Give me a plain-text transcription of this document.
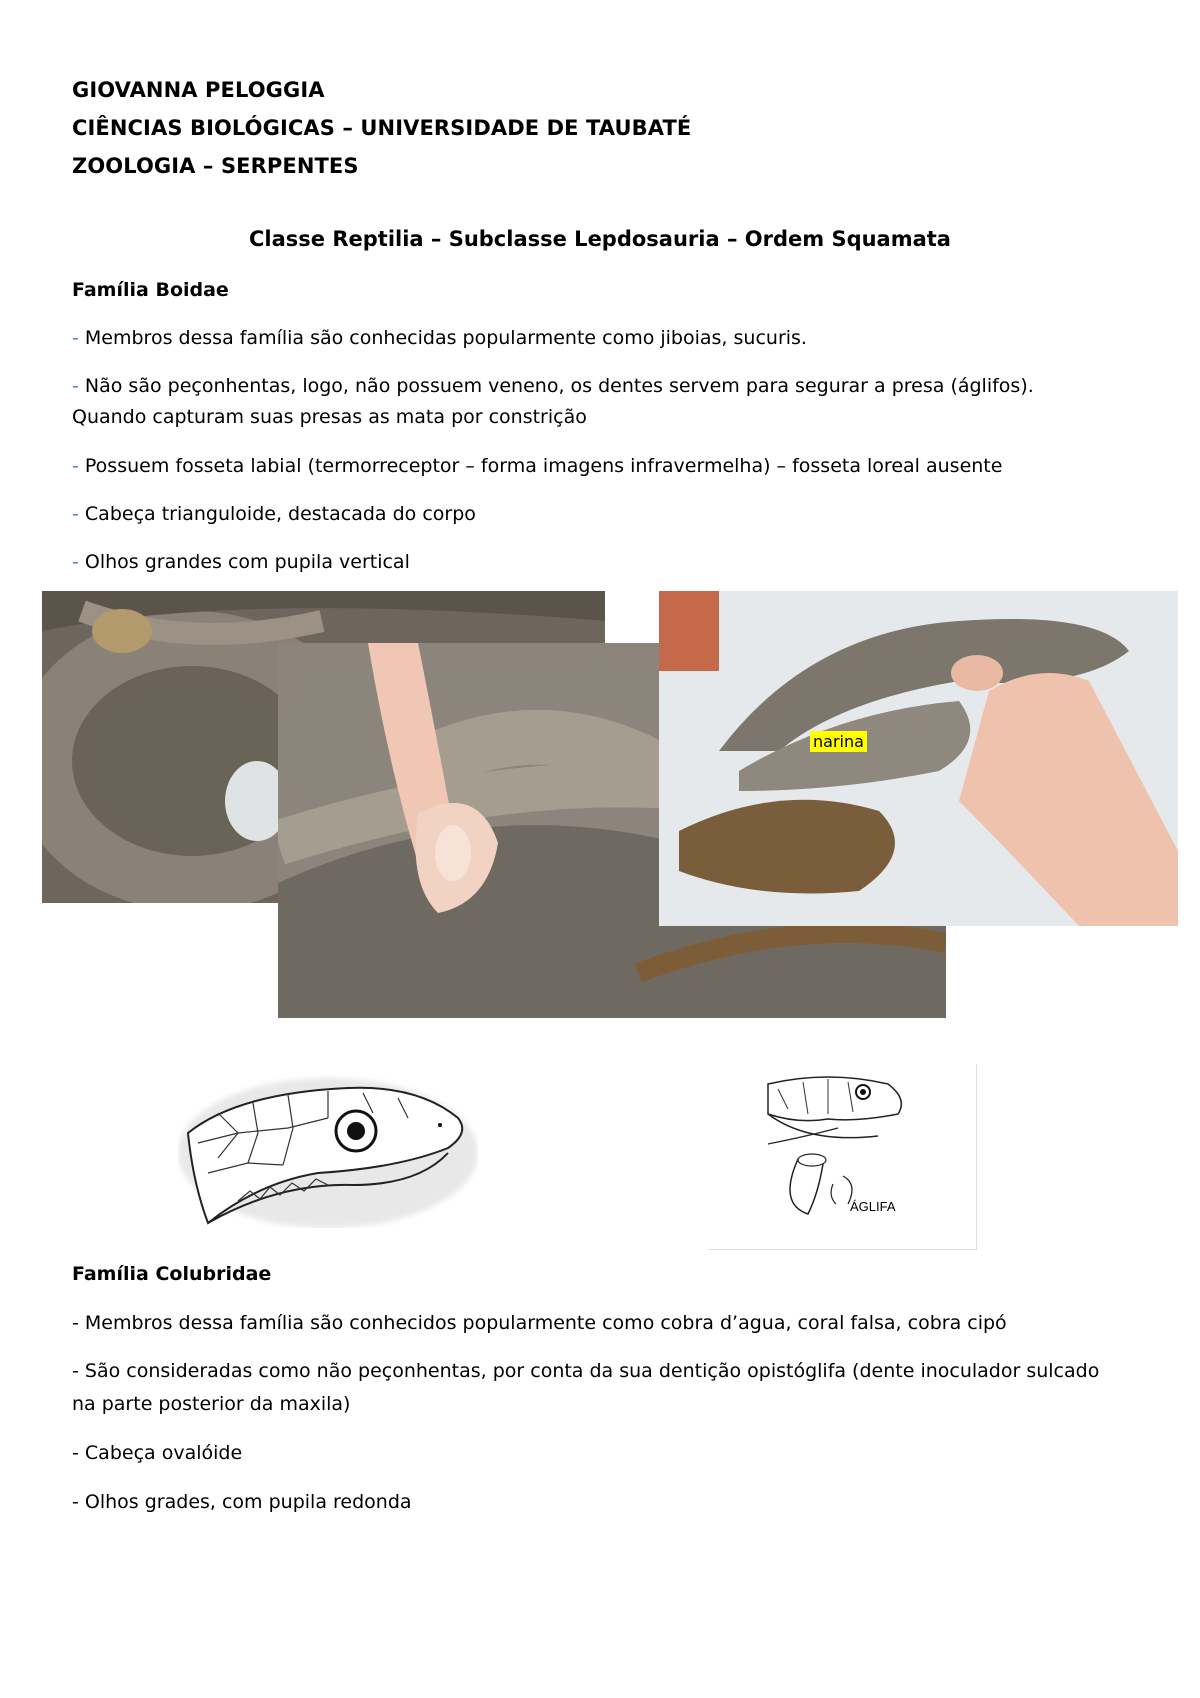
GIOVANNA PELOGGIA
CIÊNCIAS BIOLÓGICAS – UNIVERSIDADE DE TAUBATÉ
ZOOLOGIA – SERPENTES
Classe Reptilia – Subclasse Lepdosauria – Ordem Squamata
Família Boidae
- Membros dessa família são conhecidas popularmente como jiboias, sucuris.
- Não são peçonhentas, logo, não possuem veneno, os dentes servem para segurar a presa (áglifos).
Quando capturam suas presas as mata por constrição
- Possuem fosseta labial (termorreceptor – forma imagens infravermelha) – fosseta loreal ausente
- Cabeça trianguloide, destacada do corpo
- Olhos grandes com pupila vertical
narina
ÁGLIFA
Família Colubridae
- Membros dessa família são conhecidos popularmente como cobra d’agua, coral falsa, cobra cipó
- São consideradas como não peçonhentas, por conta da sua dentição opistóglifa (dente inoculador sulcado
na parte posterior da maxila)
- Cabeça ovalóide
- Olhos grades, com pupila redonda
